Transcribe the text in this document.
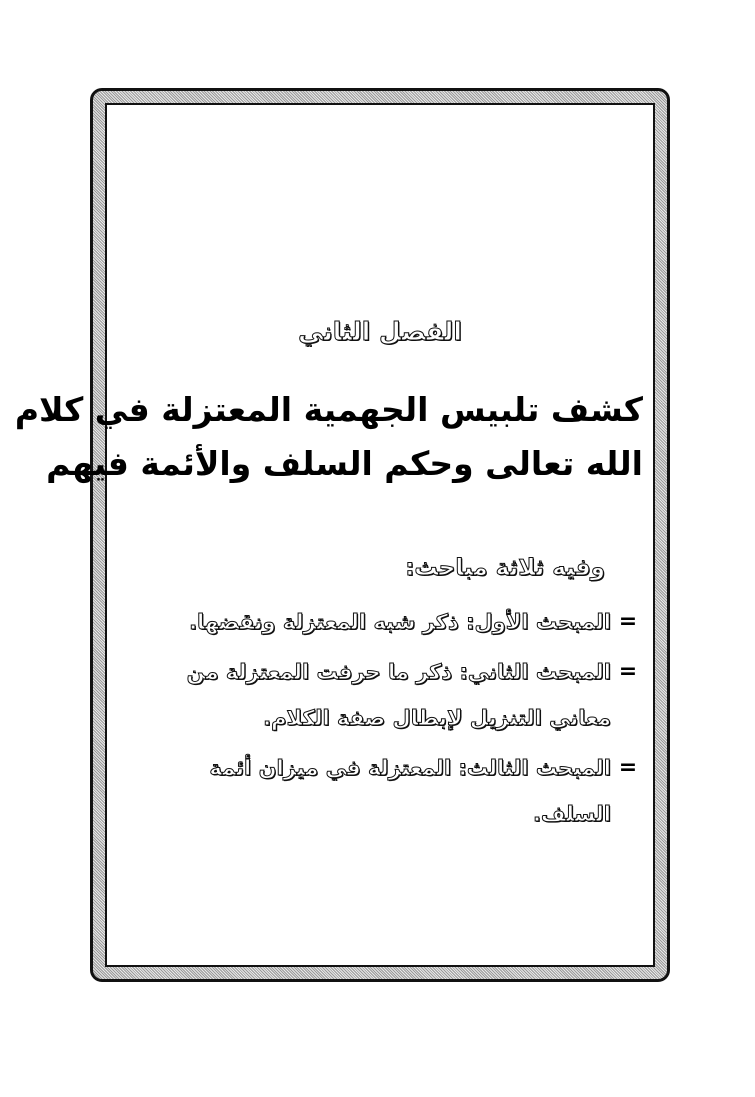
الفصل الثاني
كشف تلبيس الجهمية المعتزلة في كلام
الله تعالى وحكم السلف والأئمة فيهم
وفيه ثلاثة مباحث:
=
المبحث الأول: ذكر شبه المعتزلة ونقضها.
=
المبحث الثاني: ذكر ما حرفت المعتزلة من معاني التنزيل لإبطال صفة الكلام.
=
المبحث الثالث: المعتزلة في ميزان أئمة السلف.
